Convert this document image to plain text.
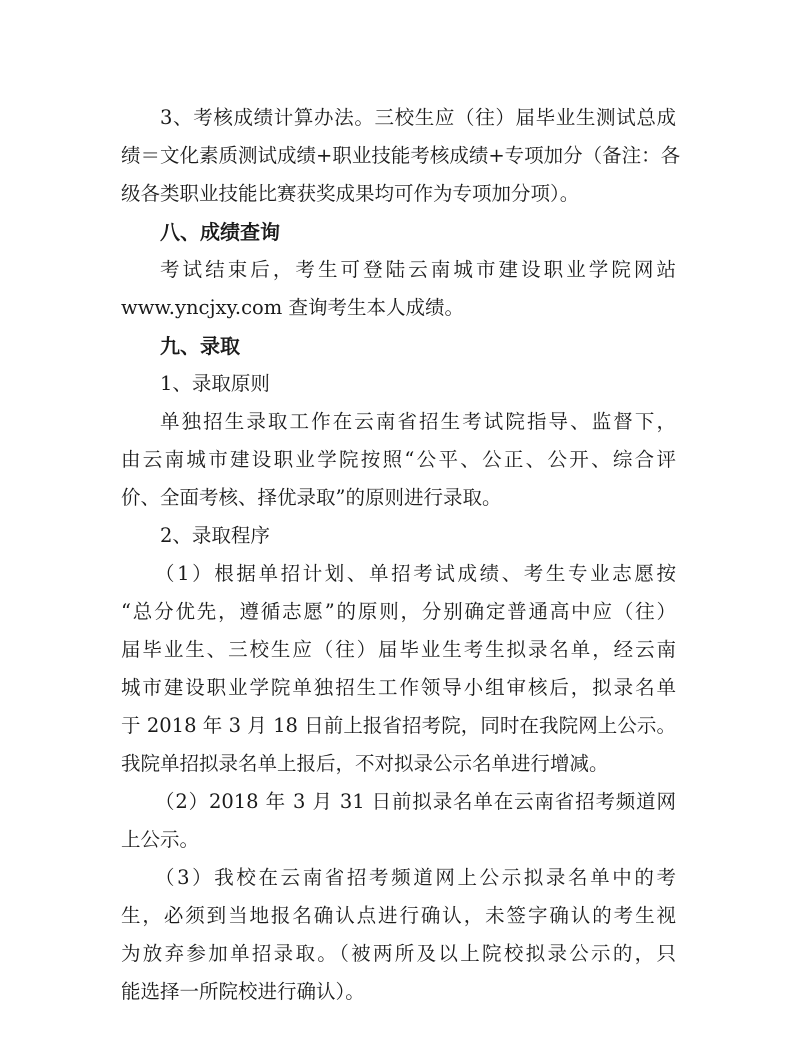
3、考核成绩计算办法。三校生应（往）届毕业生测试总成
绩＝文化素质测试成绩+职业技能考核成绩+专项加分（备注：各
级各类职业技能比赛获奖成果均可作为专项加分项）。
八、成绩查询
考试结束后，考生可登陆云南城市建设职业学院网站
www.yncjxy.com 查询考生本人成绩。
九、录取
1、录取原则
单独招生录取工作在云南省招生考试院指导、监督下，
由云南城市建设职业学院按照“公平、公正、公开、综合评
价、全面考核、择优录取”的原则进行录取。
2、录取程序
（1）根据单招计划、单招考试成绩、考生专业志愿按
“总分优先，遵循志愿”的原则，分别确定普通高中应（往）
届毕业生、三校生应（往）届毕业生考生拟录名单，经云南
城市建设职业学院单独招生工作领导小组审核后，拟录名单
于 2018 年 3 月 18 日前上报省招考院，同时在我院网上公示。
我院单招拟录名单上报后，不对拟录公示名单进行增减。
（2）2018 年 3 月 31 日前拟录名单在云南省招考频道网
上公示。
（3）我校在云南省招考频道网上公示拟录名单中的考
生，必须到当地报名确认点进行确认，未签字确认的考生视
为放弃参加单招录取。（被两所及以上院校拟录公示的，只
能选择一所院校进行确认）。
